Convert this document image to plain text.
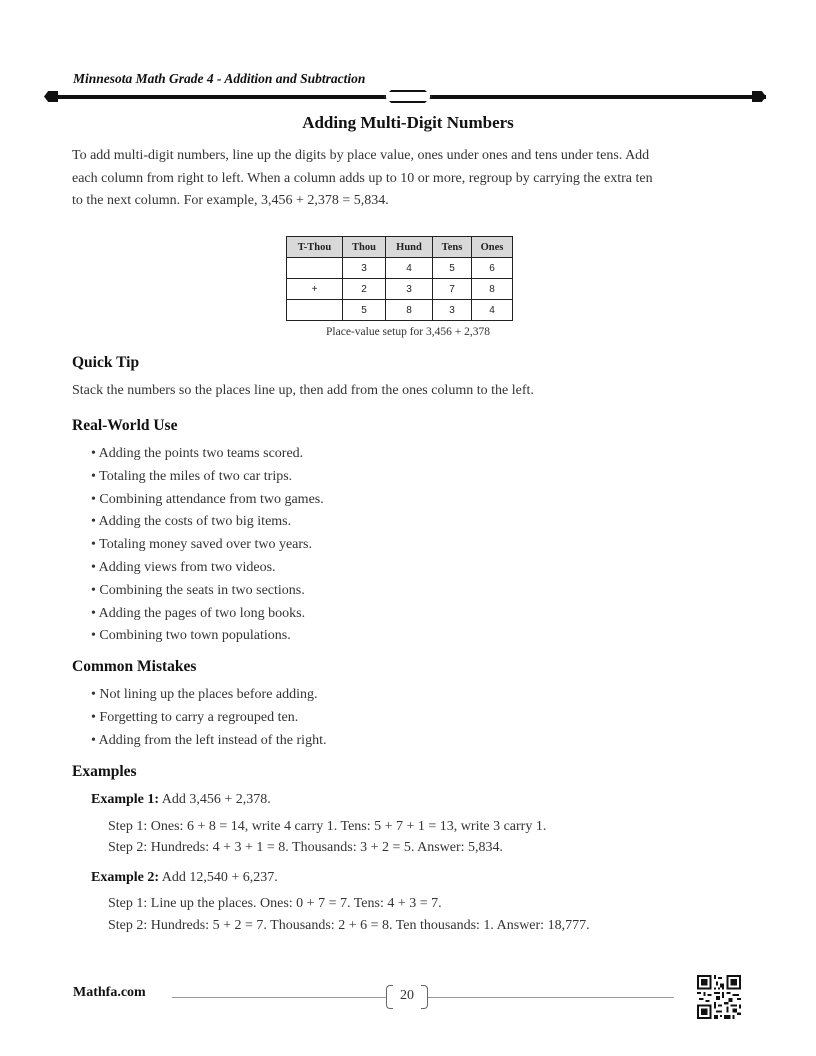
Minnesota Math Grade 4 - Addition and Subtraction
Adding Multi-Digit Numbers
To add multi-digit numbers, line up the digits by place value, ones under ones and tens under tens. Add
each column from right to left. When a column adds up to 10 or more, regroup by carrying the extra ten
to the next column. For example, 3,456 + 2,378 = 5,834.
T-Thou	Thou	Hund	Tens	Ones
	3	4	5	6
+	2	3	7	8
	5	8	3	4
Place-value setup for 3,456 + 2,378
Quick Tip
Stack the numbers so the places line up, then add from the ones column to the left.
Real-World Use
• Adding the points two teams scored.
• Totaling the miles of two car trips.
• Combining attendance from two games.
• Adding the costs of two big items.
• Totaling money saved over two years.
• Adding views from two videos.
• Combining the seats in two sections.
• Adding the pages of two long books.
• Combining two town populations.
Common Mistakes
• Not lining up the places before adding.
• Forgetting to carry a regrouped ten.
• Adding from the left instead of the right.
Examples
Example 1: Add 3,456 + 2,378.
Step 1: Ones: 6 + 8 = 14, write 4 carry 1. Tens: 5 + 7 + 1 = 13, write 3 carry 1.
Step 2: Hundreds: 4 + 3 + 1 = 8. Thousands: 3 + 2 = 5. Answer: 5,834.
Example 2: Add 12,540 + 6,237.
Step 1: Line up the places. Ones: 0 + 7 = 7. Tens: 4 + 3 = 7.
Step 2: Hundreds: 5 + 2 = 7. Thousands: 2 + 6 = 8. Ten thousands: 1. Answer: 18,777.
Mathfa.com	20
